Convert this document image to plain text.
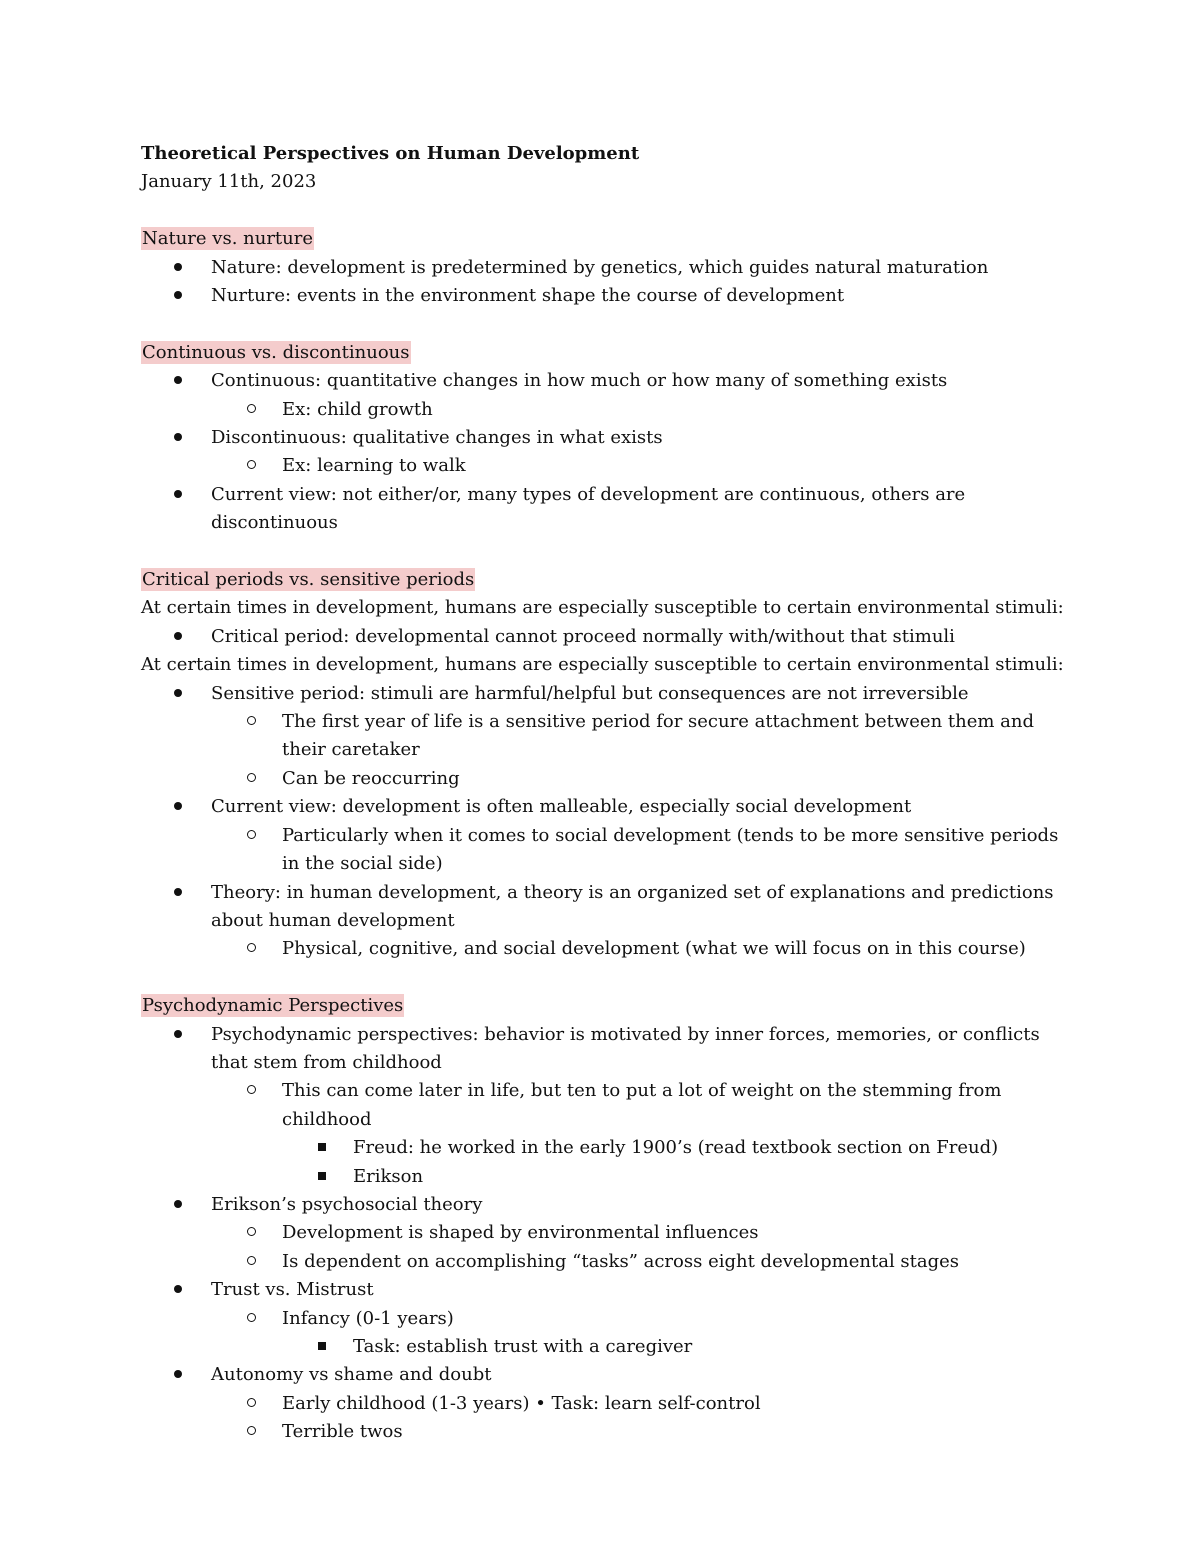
Theoretical Perspectives on Human Development

January 11th, 2023

Nature vs. nurture

Nature: development is predetermined by genetics, which guides natural maturation
Nurture: events in the environment shape the course of development

Continuous vs. discontinuous

Continuous: quantitative changes in how much or how many of something exists
Ex: child growth
Discontinuous: qualitative changes in what exists
Ex: learning to walk
Current view: not either/or, many types of development are continuous, others are discontinuous

Critical periods vs. sensitive periods

At certain times in development, humans are especially susceptible to certain environmental stimuli:
Critical period: developmental cannot proceed normally with/without that stimuli
At certain times in development, humans are especially susceptible to certain environmental stimuli:
Sensitive period: stimuli are harmful/helpful but consequences are not irreversible
The first year of life is a sensitive period for secure attachment between them and their caretaker
Can be reoccurring
Current view: development is often malleable, especially social development
Particularly when it comes to social development (tends to be more sensitive periods in the social side)
Theory: in human development, a theory is an organized set of explanations and predictions about human development
Physical, cognitive, and social development (what we will focus on in this course)

Psychodynamic Perspectives

Psychodynamic perspectives: behavior is motivated by inner forces, memories, or conflicts that stem from childhood
This can come later in life, but ten to put a lot of weight on the stemming from childhood
Freud: he worked in the early 1900’s (read textbook section on Freud)
Erikson
Erikson’s psychosocial theory
Development is shaped by environmental influences
Is dependent on accomplishing “tasks” across eight developmental stages
Trust vs. Mistrust
Infancy (0-1 years)
Task: establish trust with a caregiver
Autonomy vs shame and doubt
Early childhood (1-3 years) • Task: learn self-control
Terrible twos
